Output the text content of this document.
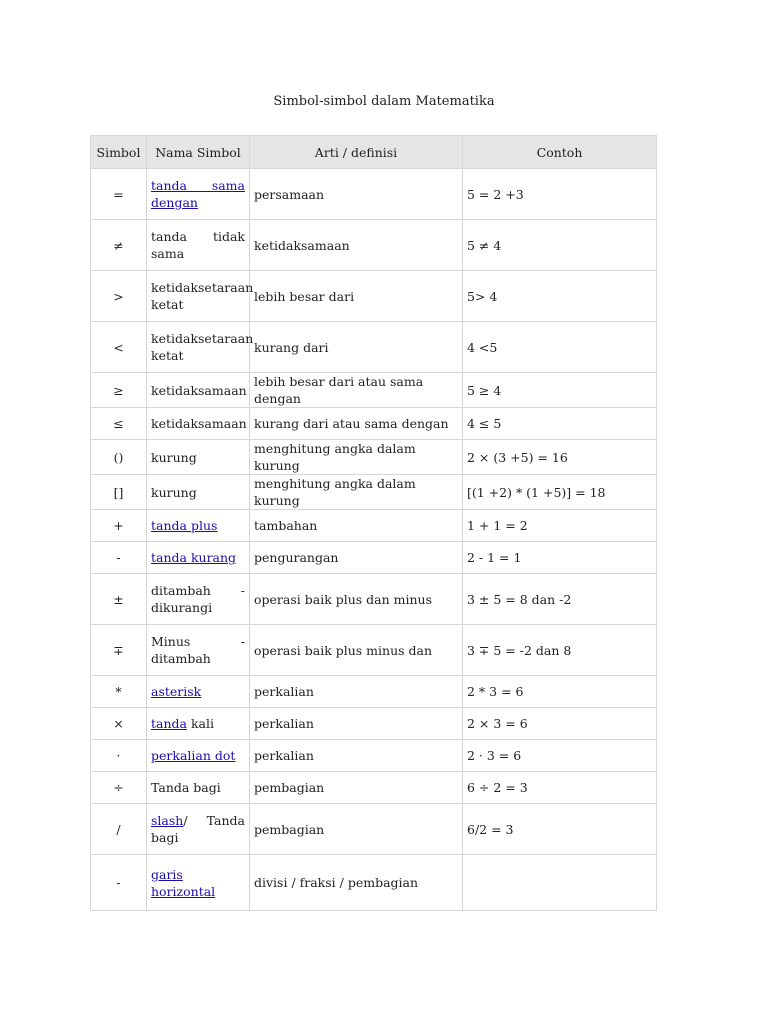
Simbol-simbol dalam Matematika
Simbol	Nama Simbol	Arti / definisi	Contoh
=	tanda sama dengan	persamaan	5 = 2 +3
≠	tanda tidak sama	ketidaksamaan	5 ≠ 4
>	ketidaksetaraan ketat	lebih besar dari	5> 4
<	ketidaksetaraan ketat	kurang dari	4 <5
≥	ketidaksamaan	lebih besar dari atau sama dengan	5 ≥ 4
≤	ketidaksamaan	kurang dari atau sama dengan	4 ≤ 5
()	kurung	menghitung angka dalam kurung	2 × (3 +5) = 16
[]	kurung	menghitung angka dalam kurung	[(1 +2) * (1 +5)] = 18
+	tanda plus	tambahan	1 + 1 = 2
-	tanda kurang	pengurangan	2 - 1 = 1
±	ditambah - dikurangi	operasi baik plus dan minus	3 ± 5 = 8 dan -2
∓	Minus - ditambah	operasi baik plus minus dan	3 ∓ 5 = -2 dan 8
*	asterisk	perkalian	2 * 3 = 6
×	tanda kali	perkalian	2 × 3 = 6
·	perkalian dot	perkalian	2 · 3 = 6
÷	Tanda bagi	pembagian	6 ÷ 2 = 3
/	slash/ Tanda bagi	pembagian	6/2 = 3
-	garis horizontal	divisi / fraksi / pembagian	
